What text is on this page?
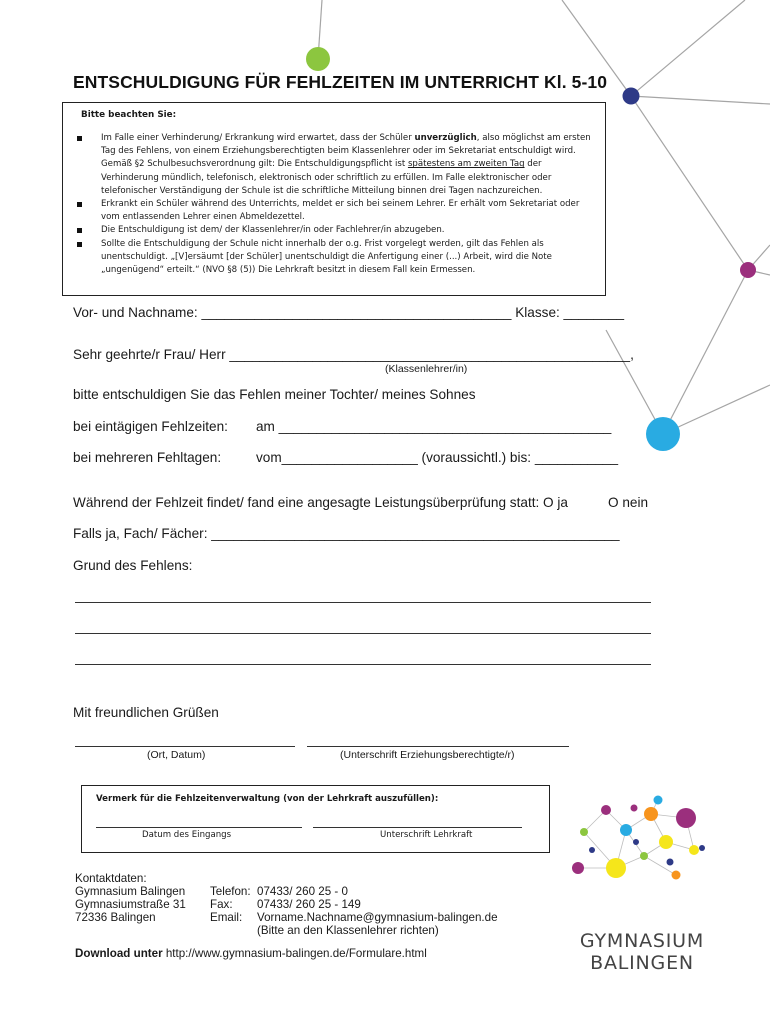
ENTSCHULDIGUNG FÜR FEHLZEITEN IM UNTERRICHT Kl. 5-10
Bitte beachten Sie:
Im Falle einer Verhinderung/ Erkrankung wird erwartet, dass der Schüler unverzüglich, also möglichst am ersten Tag des Fehlens, von einem Erziehungsberechtigten beim Klassenlehrer oder im Sekretariat entschuldigt wird. Gemäß §2 Schulbesuchsverordnung gilt: Die Entschuldigungspflicht ist spätestens am zweiten Tag der Verhinderung mündlich, telefonisch, elektronisch oder schriftlich zu erfüllen. Im Falle elektronischer oder telefonischer Verständigung der Schule ist die schriftliche Mitteilung binnen drei Tagen nachzureichen.
Erkrankt ein Schüler während des Unterrichts, meldet er sich bei seinem Lehrer. Er erhält vom Sekretariat oder vom entlassenden Lehrer einen Abmeldezettel.
Die Entschuldigung ist dem/ der Klassenlehrer/in oder Fachlehrer/in abzugeben.
Sollte die Entschuldigung der Schule nicht innerhalb der o.g. Frist vorgelegt werden, gilt das Fehlen als unentschuldigt. „[V]ersäumt [der Schüler] unentschuldigt die Anfertigung einer (...) Arbeit, wird die Note „ungenügend“ erteilt.“ (NVO §8 (5)) Die Lehrkraft besitzt in diesem Fall kein Ermessen.
Vor- und Nachname: _________________________________________ Klasse: ________
Sehr geehrte/r Frau/ Herr _____________________________________________________,
(Klassenlehrer/in)
bitte entschuldigen Sie das Fehlen meiner Tochter/ meines Sohnes
bei eintägigen Fehlzeiten: am ____________________________________________
bei mehreren Fehltagen:	vom__________________ (voraussichtl.) bis: ___________
Während der Fehlzeit findet/ fand eine angesagte Leistungsüberprüfung statt: O ja	O nein
Falls ja, Fach/ Fächer: ______________________________________________________
Grund des Fehlens:
Mit freundlichen Grüßen
(Ort, Datum)	(Unterschrift Erziehungsberechtigte/r)
Vermerk für die Fehlzeitenverwaltung (von der Lehrkraft auszufüllen):
Datum des Eingangs	Unterschrift Lehrkraft
Kontaktdaten:
Gymnasium Balingen
Gymnasiumstraße 31
72336 Balingen
Telefon: 07433/ 260 25 - 0
Fax: 07433/ 260 25 - 149
Email: Vorname.Nachname@gymnasium-balingen.de
(Bitte an den Klassenlehrer richten)
Download unter http://www.gymnasium-balingen.de/Formulare.html
GYMNASIUM
BALINGEN
